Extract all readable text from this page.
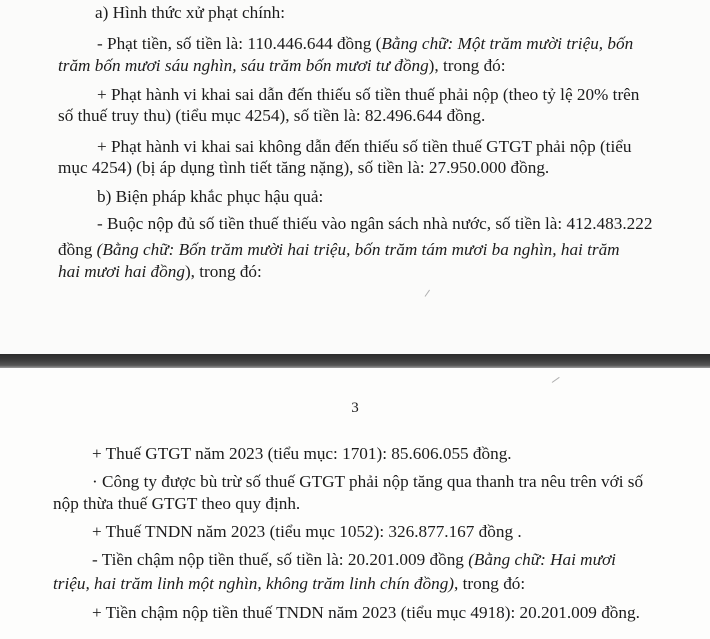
a) Hình thức xử phạt chính:
- Phạt tiền, số tiền là: 110.446.644 đồng (Bằng chữ: Một trăm mười triệu, bốn
trăm bốn mươi sáu nghìn, sáu trăm bốn mươi tư đồng), trong đó:
+ Phạt hành vi khai sai dẫn đến thiếu số tiền thuế phải nộp (theo tỷ lệ 20% trên
số thuế truy thu) (tiểu mục 4254), số tiền là: 82.496.644 đồng.
+ Phạt hành vi khai sai không dẫn đến thiếu số tiền thuế GTGT phải nộp (tiểu
mục 4254) (bị áp dụng tình tiết tăng nặng), số tiền là: 27.950.000 đồng.
b) Biện pháp khắc phục hậu quả:
- Buộc nộp đủ số tiền thuế thiếu vào ngân sách nhà nước, số tiền là: 412.483.222
đồng (Bằng chữ: Bốn trăm mười hai triệu, bốn trăm tám mươi ba nghìn, hai trăm
hai mươi hai đồng), trong đó:
3
+ Thuế GTGT năm 2023 (tiểu mục: 1701): 85.606.055 đồng.
· Công ty được bù trừ số thuế GTGT phải nộp tăng qua thanh tra nêu trên với số
nộp thừa thuế GTGT theo quy định.
+ Thuế TNDN năm 2023 (tiểu mục 1052): 326.877.167 đồng .
- Tiền chậm nộp tiền thuế, số tiền là: 20.201.009 đồng (Bằng chữ: Hai mươi
triệu, hai trăm linh một nghìn, không trăm linh chín đồng), trong đó:
+ Tiền chậm nộp tiền thuế TNDN năm 2023 (tiểu mục 4918): 20.201.009 đồng.
